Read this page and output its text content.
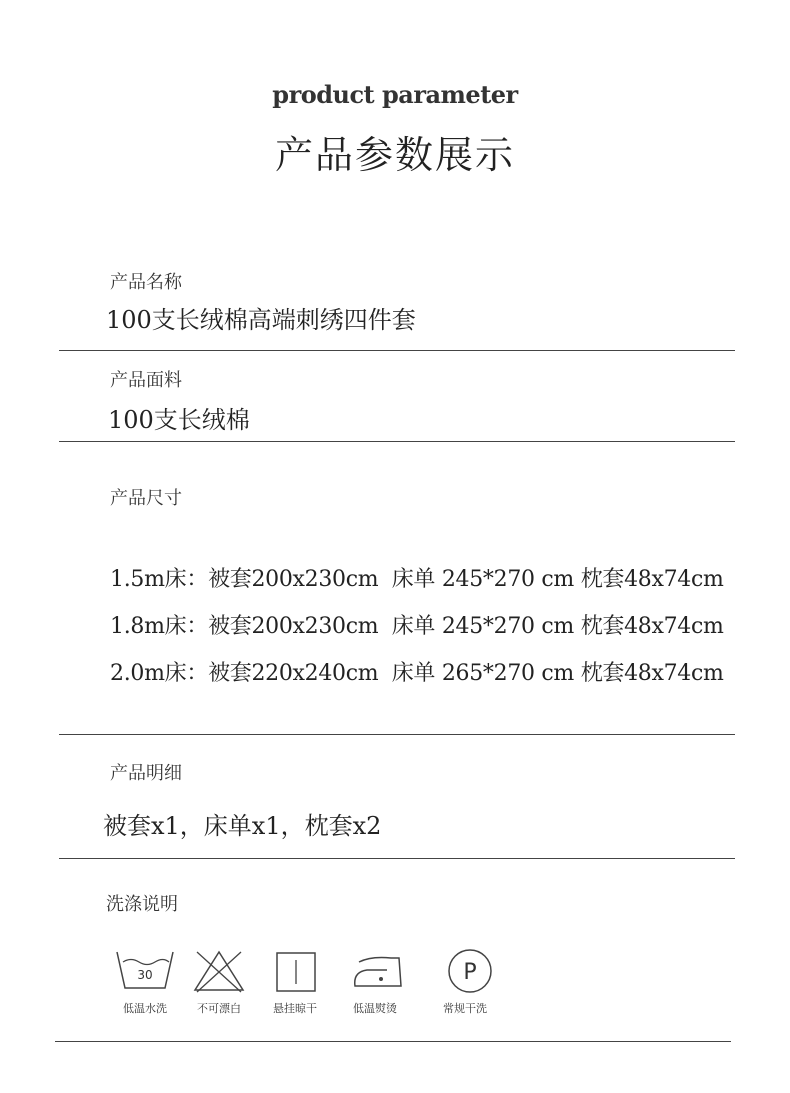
product parameter
产品参数展示
产品名称
100支长绒棉高端刺绣四件套
产品面料
100支长绒棉
产品尺寸
1.5m床：被套200x230cm 床单 245*270 cm 枕套48x74cm
1.8m床：被套200x230cm 床单 245*270 cm 枕套48x74cm
2.0m床：被套220x240cm 床单 265*270 cm 枕套48x74cm
产品明细
被套x1，床单x1，枕套x2
洗涤说明
30
低温水洗	不可漂白	悬挂晾干	低温熨烫
P
常规干洗
